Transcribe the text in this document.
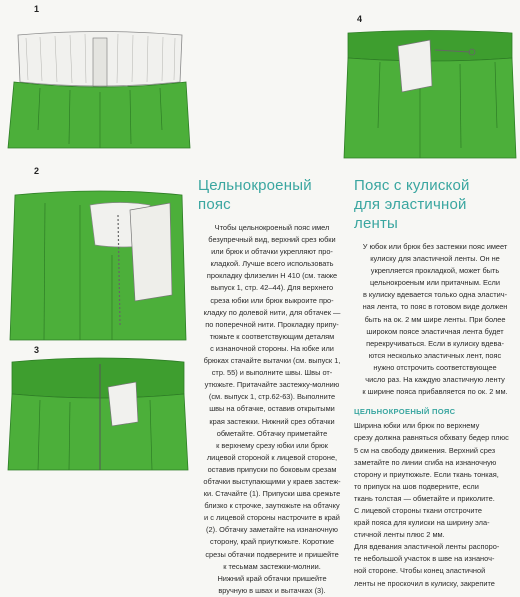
1
4
2
3
Цельнокроеный
пояс
Чтобы цельнокроеный пояс имел
безупречный вид, верхний срез юбки
или брюк и обтачки укрепляют про-
кладкой. Лучше всего использовать
прокладку флизелин Н 410 (см. также
выпуск 1, стр. 42–44). Для верхнего
среза юбки или брюк выкроите про-
кладку по долевой нити, для обтачек —
по поперечной нити. Прокладку припу-
тюжьте к соответствующим деталям
с изнаночной стороны. На юбке или
брюках стачайте вытачки (см. выпуск 1,
стр. 55) и выполните швы. Швы от-
утюжьте. Притачайте застежку-молнию
(см. выпуск 1, стр.62-63). Выполните
швы на обтачке, оставив открытыми
края застежки. Нижний срез обтачки
обметайте. Обтачку приметайте
к верхнему срезу юбки или брюк
лицевой стороной к лицевой стороне,
оставив припуски по боковым срезам
обтачки выступающими у краев застеж-
ки. Стачайте (1). Припуски шва срежьте
близко к строчке, заутюжьте на обтачку
и с лицевой стороны настрочите в край
(2). Обтачку заметайте на изнаночную
сторону, край приутюжьте. Короткие
срезы обтачки подверните и пришейте
к тесьмам застежки-молнии.
Нижний край обтачки пришейте
вручную в швах и вытачках (3).
Пояс с кулиской
для эластичной
ленты
У юбок или брюк без застежки пояс имеет
кулиску для эластичной ленты. Он не
укрепляется прокладкой, может быть
цельнокроеным или притачным. Если
в кулиску вдевается только одна эластич-
ная лента, то пояс в готовом виде должен
быть на ок. 2 мм шире ленты. При более
широком поясе эластичная лента будет
перекручиваться. Если в кулиску вдева-
ются несколько эластичных лент, пояс
нужно отстрочить соответствующее
число раз. На каждую эластичную ленту
к ширине пояса прибавляется по ок. 2 мм.
ЦЕЛЬНОКРОЕНЫЙ ПОЯС
Ширина юбки или брюк по верхнему
срезу должна равняться обхвату бедер плюс
5 см на свободу движения. Верхний срез
заметайте по линии сгиба на изнаночную
сторону и приутюжьте. Если ткань тонкая,
то припуск на шов подверните, если
ткань толстая — обметайте и приколите.
С лицевой стороны ткани отстрочите
край пояса для кулиски на ширину эла-
стичной ленты плюс 2 мм.
Для вдевания эластичной ленты распоро-
те небольшой участок в шве на изнаноч-
ной стороне. Чтобы конец эластичной
ленты не проскочил в кулиску, закрепите
